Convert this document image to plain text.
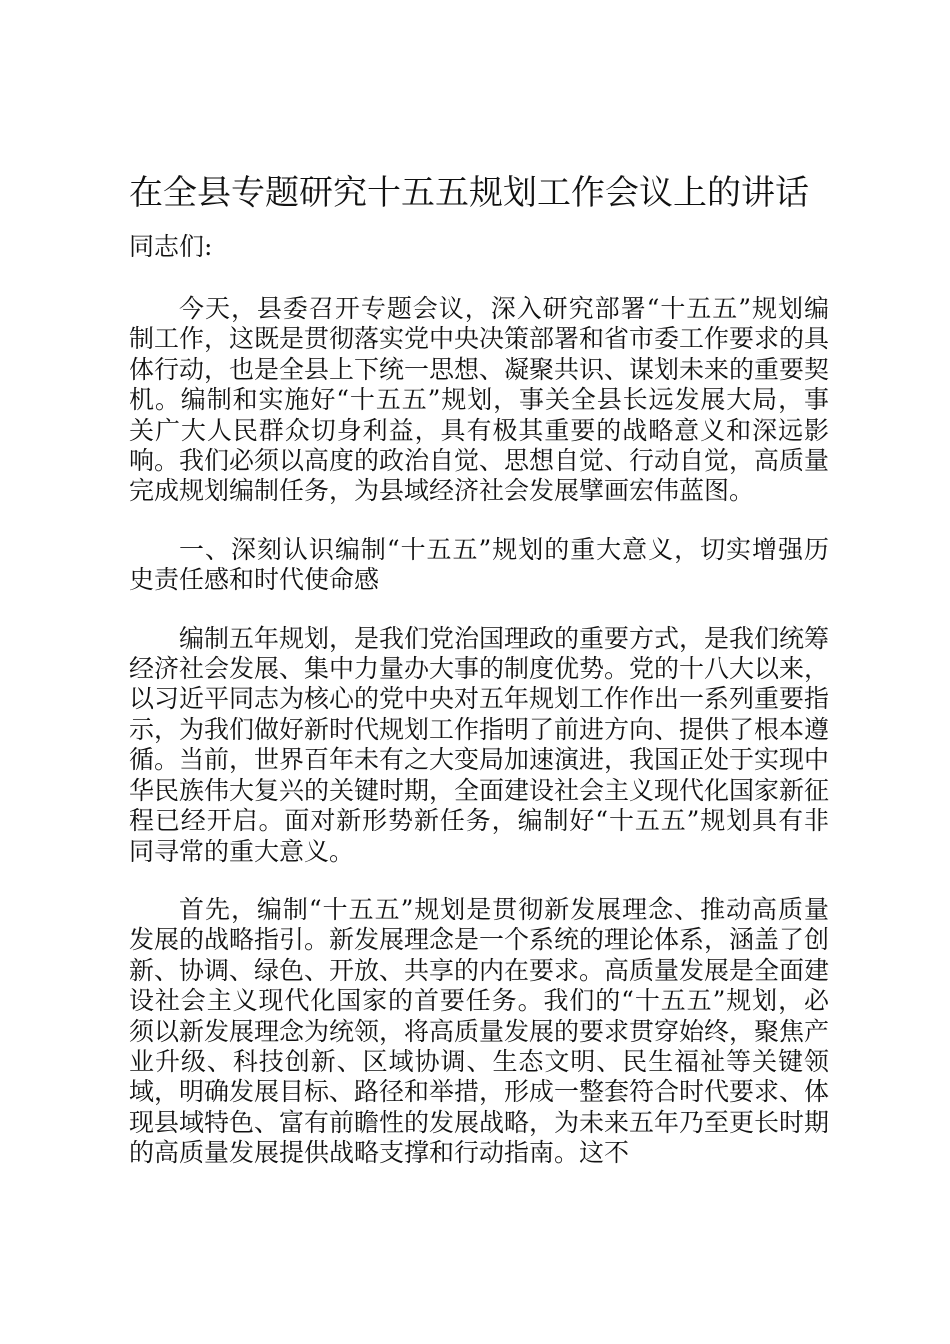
在全县专题研究十五五规划工作会议上的讲话
同志们:

今天，县委召开专题会议，深入研究部署“十五五”规划编制工作，这既是贯彻落实党中央决策部署和省市委工作要求的具体行动，也是全县上下统一思想、凝聚共识、谋划未来的重要契机。编制和实施好“十五五”规划，事关全县长远发展大局，事关广大人民群众切身利益，具有极其重要的战略意义和深远影响。我们必须以高度的政治自觉、思想自觉、行动自觉，高质量完成规划编制任务，为县域经济社会发展擘画宏伟蓝图。

一、深刻认识编制“十五五”规划的重大意义，切实增强历史责任感和时代使命感

编制五年规划，是我们党治国理政的重要方式，是我们统筹经济社会发展、集中力量办大事的制度优势。党的十八大以来，以习近平同志为核心的党中央对五年规划工作作出一系列重要指示，为我们做好新时代规划工作指明了前进方向、提供了根本遵循。当前，世界百年未有之大变局加速演进，我国正处于实现中华民族伟大复兴的关键时期，全面建设社会主义现代化国家新征程已经开启。面对新形势新任务，编制好“十五五”规划具有非同寻常的重大意义。

首先，编制“十五五”规划是贯彻新发展理念、推动高质量发展的战略指引。新发展理念是一个系统的理论体系，涵盖了创新、协调、绿色、开放、共享的内在要求。高质量发展是全面建设社会主义现代化国家的首要任务。我们的“十五五”规划，必须以新发展理念为统领，将高质量发展的要求贯穿始终，聚焦产业升级、科技创新、区域协调、生态文明、民生福祉等关键领域，明确发展目标、路径和举措，形成一整套符合时代要求、体现县域特色、富有前瞻性的发展战略，为未来五年乃至更长时期的高质量发展提供战略支撑和行动指南。这不
